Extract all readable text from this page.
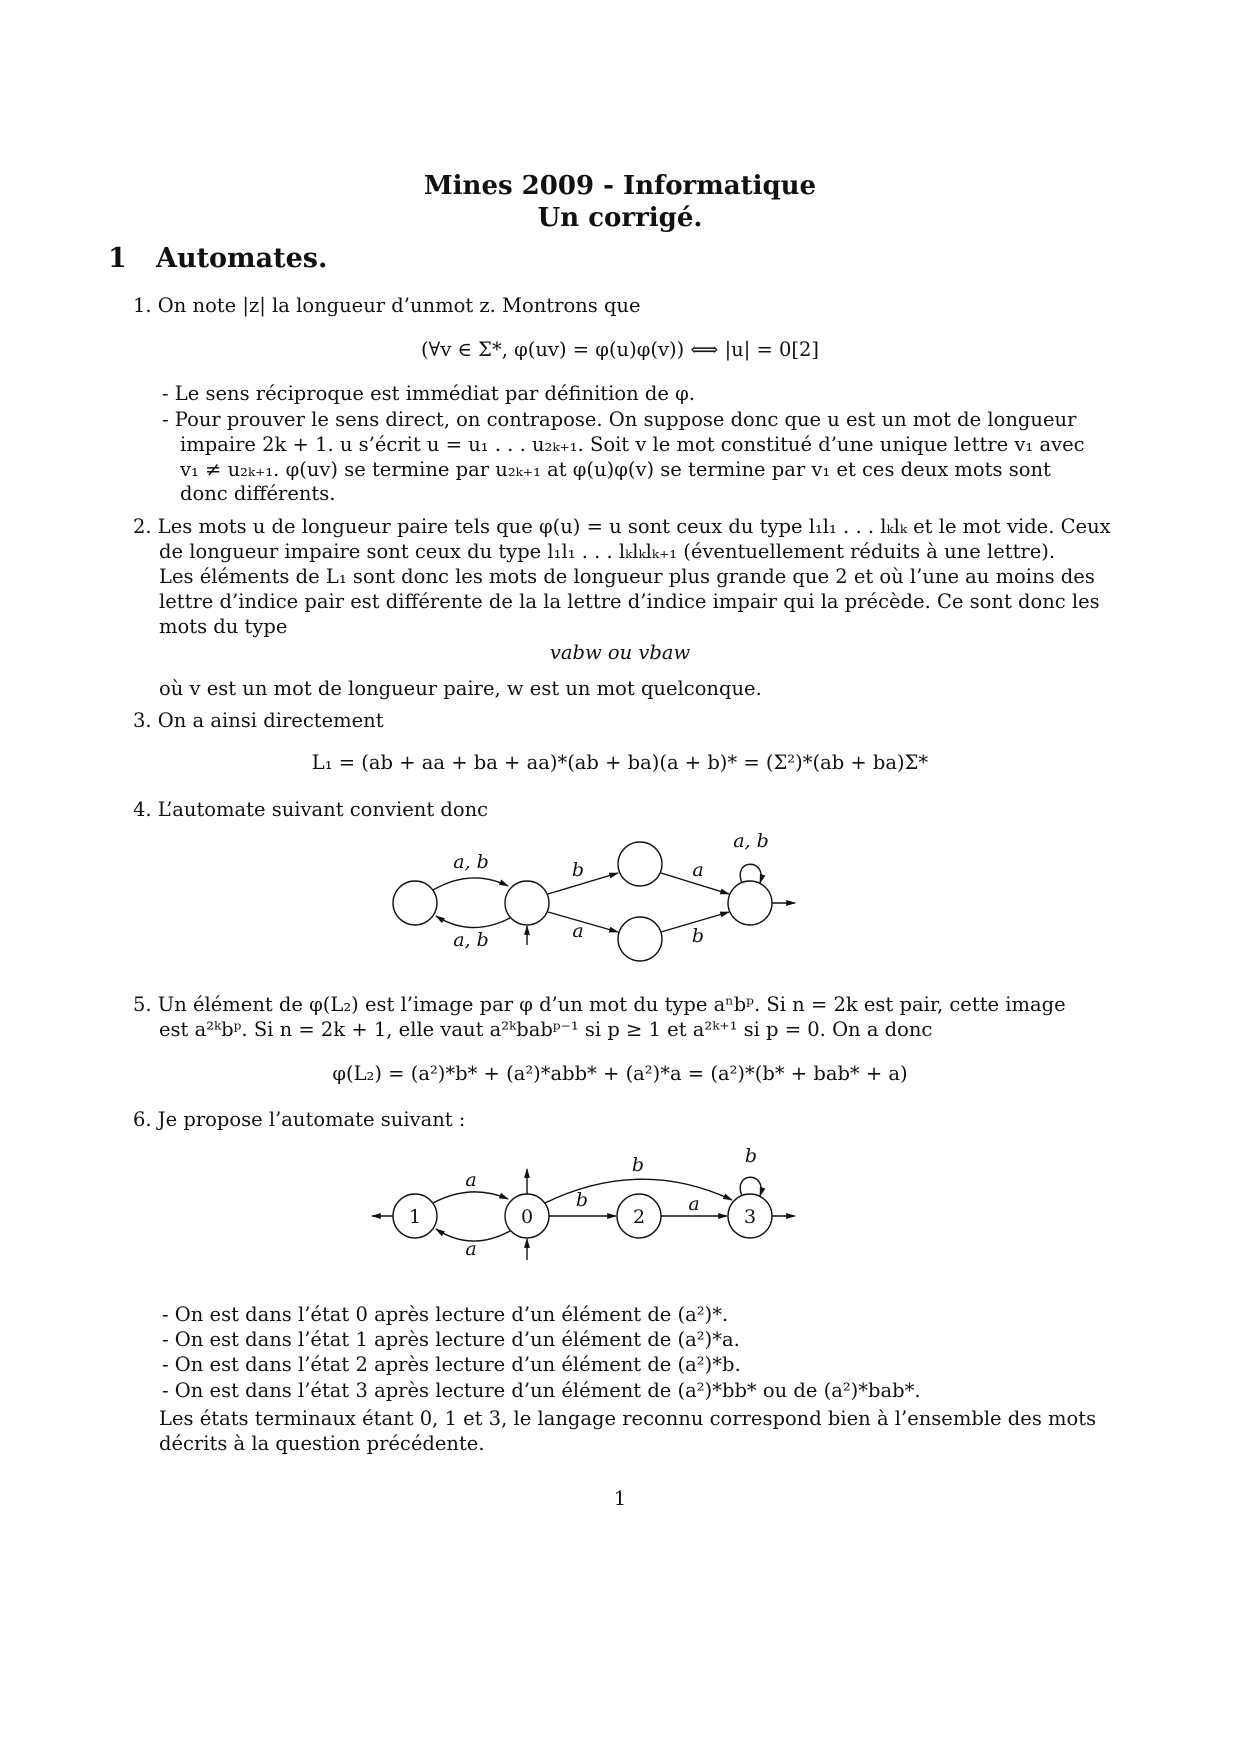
Mines 2009 - Informatique
Un corrigé.
1 Automates.
1. On note |z| la longueur d’unmot z. Montrons que
(∀v ∈ Σ*, φ(uv) = φ(u)φ(v)) ⟺ |u| = 0[2]
- Le sens réciproque est immédiat par définition de φ.
- Pour prouver le sens direct, on contrapose. On suppose donc que u est un mot de longueur
impaire 2k + 1. u s’écrit u = u₁ . . . u₂ₖ₊₁. Soit v le mot constitué d’une unique lettre v₁ avec
v₁ ≠ u₂ₖ₊₁. φ(uv) se termine par u₂ₖ₊₁ at φ(u)φ(v) se termine par v₁ et ces deux mots sont
donc différents.
2. Les mots u de longueur paire tels que φ(u) = u sont ceux du type l₁l₁ . . . lₖlₖ et le mot vide. Ceux
de longueur impaire sont ceux du type l₁l₁ . . . lₖlₖlₖ₊₁ (éventuellement réduits à une lettre).
Les éléments de L₁ sont donc les mots de longueur plus grande que 2 et où l’une au moins des
lettre d’indice pair est différente de la la lettre d’indice impair qui la précède. Ce sont donc les
mots du type
vabw ou vbaw
où v est un mot de longueur paire, w est un mot quelconque.
3. On a ainsi directement
L₁ = (ab + aa + ba + aa)*(ab + ba)(a + b)* = (Σ²)*(ab + ba)Σ*
4. L’automate suivant convient donc
a, b
a, b
b
a
a
b
a, b
1	0	2	3
a
a
b	a
b	b
5. Un élément de φ(L₂) est l’image par φ d’un mot du type aⁿbᵖ. Si n = 2k est pair, cette image
est a²ᵏbᵖ. Si n = 2k + 1, elle vaut a²ᵏbabᵖ⁻¹ si p ≥ 1 et a²ᵏ⁺¹ si p = 0. On a donc
φ(L₂) = (a²)*b* + (a²)*abb* + (a²)*a = (a²)*(b* + bab* + a)
6. Je propose l’automate suivant :
- On est dans l’état 0 après lecture d’un élément de (a²)*.
- On est dans l’état 1 après lecture d’un élément de (a²)*a.
- On est dans l’état 2 après lecture d’un élément de (a²)*b.
- On est dans l’état 3 après lecture d’un élément de (a²)*bb* ou de (a²)*bab*.
Les états terminaux étant 0, 1 et 3, le langage reconnu correspond bien à l’ensemble des mots
décrits à la question précédente.
1
